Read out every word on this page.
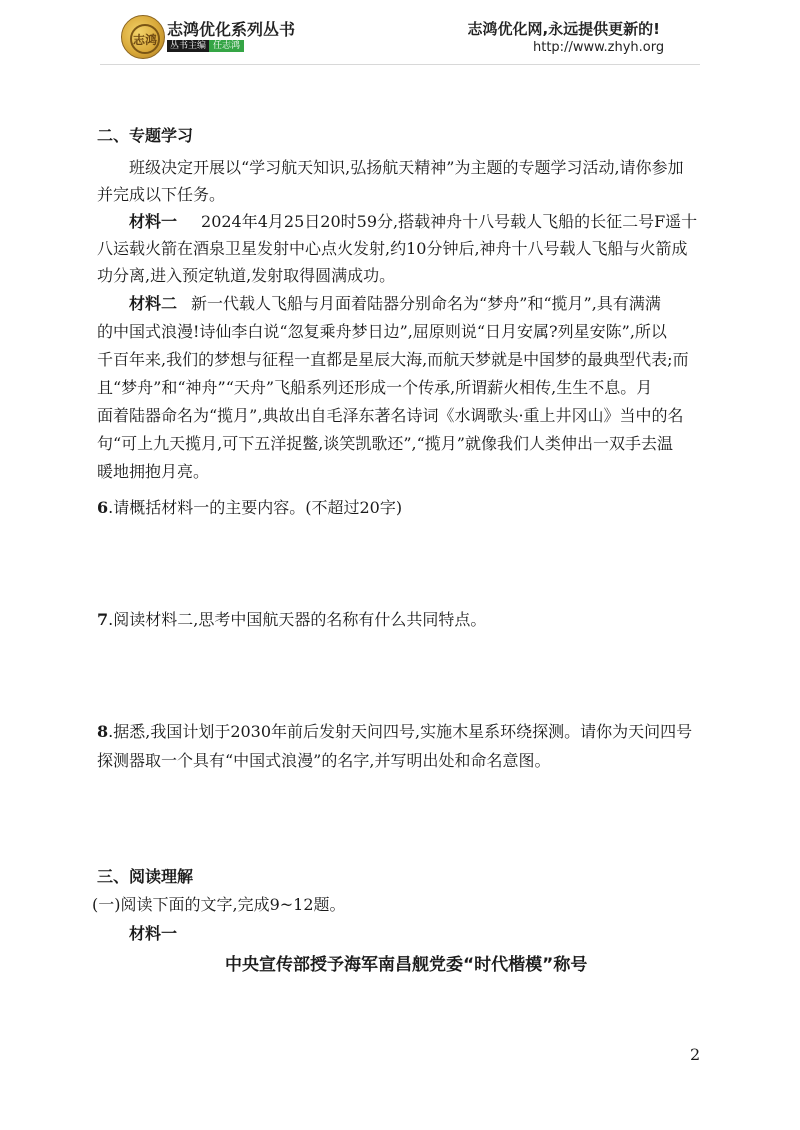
志鸿
志鸿优化系列丛书
丛书主编 任志鸿
志鸿优化网,永远提供更新的!
http://www.zhyh.org
二、专题学习
班级决定开展以“学习航天知识,弘扬航天精神”为主题的专题学习活动,请你参加
并完成以下任务。
材料一 2024年4月25日20时59分,搭载神舟十八号载人飞船的长征二号F遥十
八运载火箭在酒泉卫星发射中心点火发射,约10分钟后,神舟十八号载人飞船与火箭成
功分离,进入预定轨道,发射取得圆满成功。
材料二 新一代载人飞船与月面着陆器分别命名为“梦舟”和“揽月”,具有满满
的中国式浪漫!诗仙李白说“忽复乘舟梦日边”,屈原则说“日月安属?列星安陈”,所以
千百年来,我们的梦想与征程一直都是星辰大海,而航天梦就是中国梦的最典型代表;而
且“梦舟”和“神舟”“天舟”飞船系列还形成一个传承,所谓薪火相传,生生不息。月
面着陆器命名为“揽月”,典故出自毛泽东著名诗词《水调歌头·重上井冈山》当中的名
句“可上九天揽月,可下五洋捉鳖,谈笑凯歌还”,“揽月”就像我们人类伸出一双手去温
暖地拥抱月亮。
6.请概括材料一的主要内容。(不超过20字)
7.阅读材料二,思考中国航天器的名称有什么共同特点。
8.据悉,我国计划于2030年前后发射天问四号,实施木星系环绕探测。请你为天问四号
探测器取一个具有“中国式浪漫”的名字,并写明出处和命名意图。
三、阅读理解
(一)阅读下面的文字,完成9~12题。
材料一
中央宣传部授予海军南昌舰党委“时代楷模”称号
2
